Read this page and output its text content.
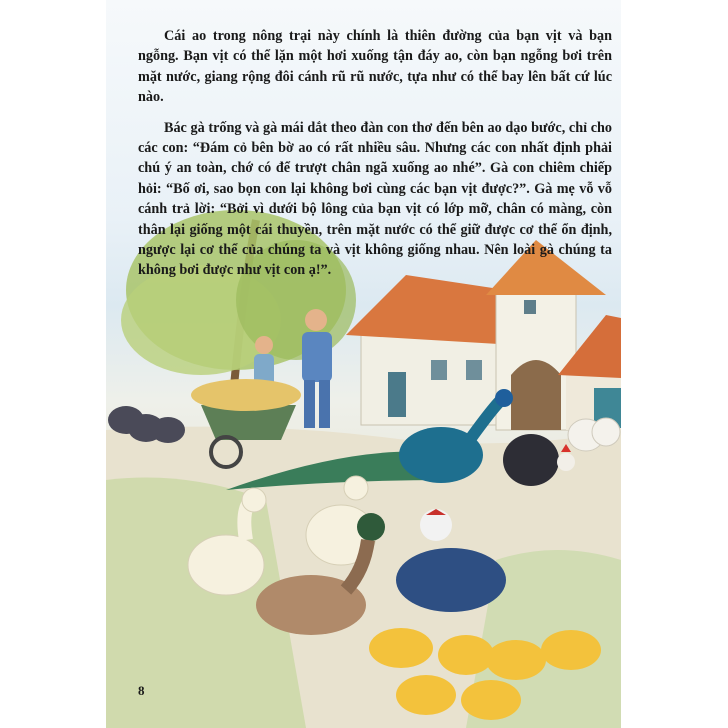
Cái ao trong nông trại này chính là thiên đường của bạn vịt và bạn ngỗng. Bạn vịt có thể lặn một hơi xuống tận đáy ao, còn bạn ngỗng bơi trên mặt nước, giang rộng đôi cánh rũ rũ nước, tựa như có thể bay lên bất cứ lúc nào.

Bác gà trống và gà mái dắt theo đàn con thơ đến bên ao dạo bước, chỉ cho các con: “Đám cỏ bên bờ ao có rất nhiều sâu. Nhưng các con nhất định phải chú ý an toàn, chớ có để trượt chân ngã xuống ao nhé”. Gà con chiêm chiếp hỏi: “Bố ơi, sao bọn con lại không bơi cùng các bạn vịt được?”. Gà mẹ vỗ vỗ cánh trả lời: “Bởi vì dưới bộ lông của bạn vịt có lớp mỡ, chân có màng, còn thân lại giống một cái thuyền, trên mặt nước có thể giữ được cơ thể ổn định, ngược lại cơ thể của chúng ta và vịt không giống nhau. Nên loài gà chúng ta không bơi được như vịt con ạ!”.

8
